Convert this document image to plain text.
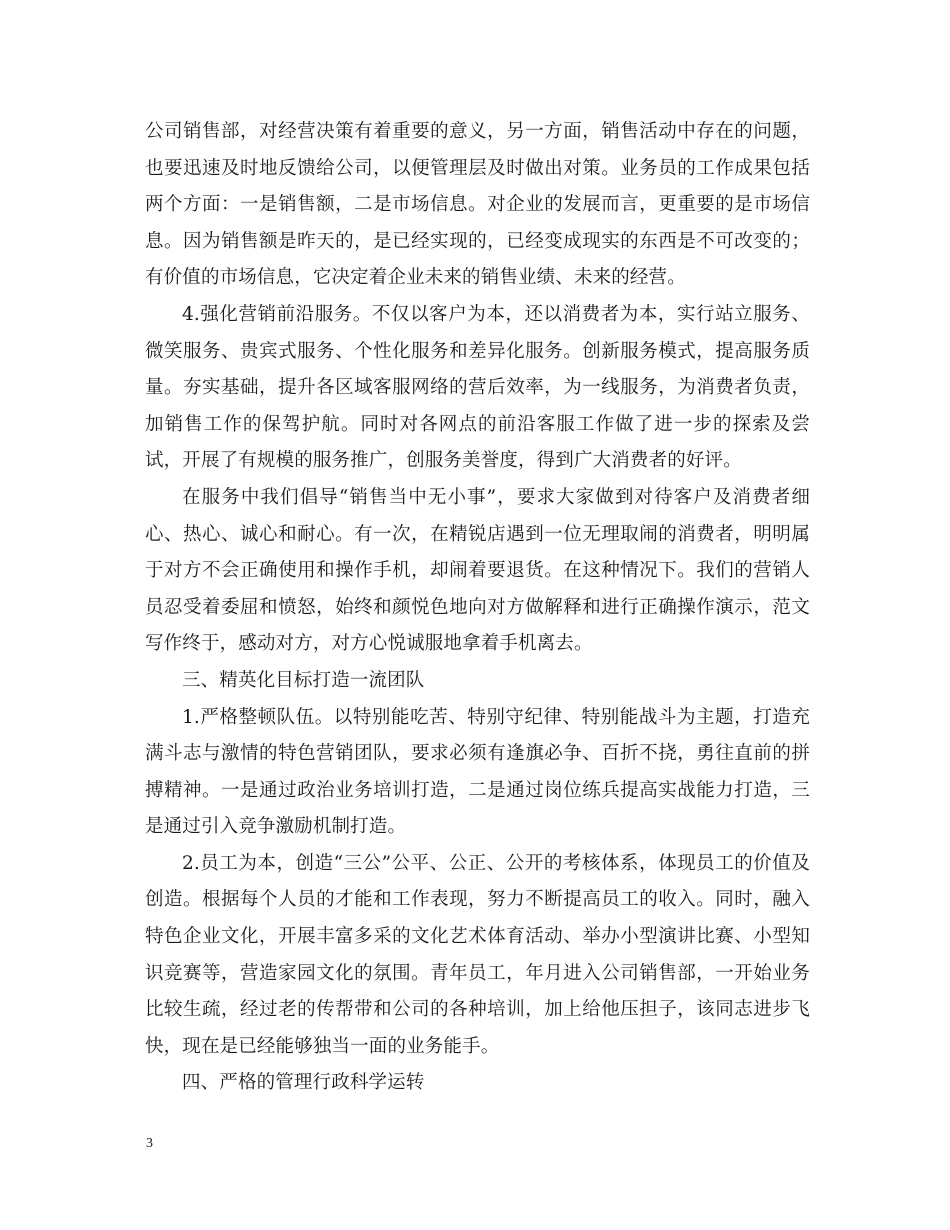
公司销售部，对经营决策有着重要的意义，另一方面，销售活动中存在的问题，也要迅速及时地反馈给公司，以便管理层及时做出对策。业务员的工作成果包括两个方面：一是销售额，二是市场信息。对企业的发展而言，更重要的是市场信息。因为销售额是昨天的，是已经实现的，已经变成现实的东西是不可改变的；有价值的市场信息，它决定着企业未来的销售业绩、未来的经营。

4.强化营销前沿服务。不仅以客户为本，还以消费者为本，实行站立服务、微笑服务、贵宾式服务、个性化服务和差异化服务。创新服务模式，提高服务质量。夯实基础，提升各区域客服网络的营后效率，为一线服务，为消费者负责，加销售工作的保驾护航。同时对各网点的前沿客服工作做了进一步的探索及尝试，开展了有规模的服务推广，创服务美誉度，得到广大消费者的好评。

在服务中我们倡导“销售当中无小事”，要求大家做到对待客户及消费者细心、热心、诚心和耐心。有一次，在精锐店遇到一位无理取闹的消费者，明明属于对方不会正确使用和操作手机，却闹着要退货。在这种情况下。我们的营销人员忍受着委屈和愤怒，始终和颜悦色地向对方做解释和进行正确操作演示，范文写作终于，感动对方，对方心悦诚服地拿着手机离去。

三、精英化目标打造一流团队

1.严格整顿队伍。以特别能吃苦、特别守纪律、特别能战斗为主题，打造充满斗志与激情的特色营销团队，要求必须有逢旗必争、百折不挠，勇往直前的拼搏精神。一是通过政治业务培训打造，二是通过岗位练兵提高实战能力打造，三是通过引入竞争激励机制打造。

2.员工为本，创造“三公”公平、公正、公开的考核体系，体现员工的价值及创造。根据每个人员的才能和工作表现，努力不断提高员工的收入。同时，融入特色企业文化，开展丰富多采的文化艺术体育活动、举办小型演讲比赛、小型知识竞赛等，营造家园文化的氛围。青年员工，年月进入公司销售部，一开始业务比较生疏，经过老的传帮带和公司的各种培训，加上给他压担子，该同志进步飞快，现在是已经能够独当一面的业务能手。

四、严格的管理行政科学运转

3
